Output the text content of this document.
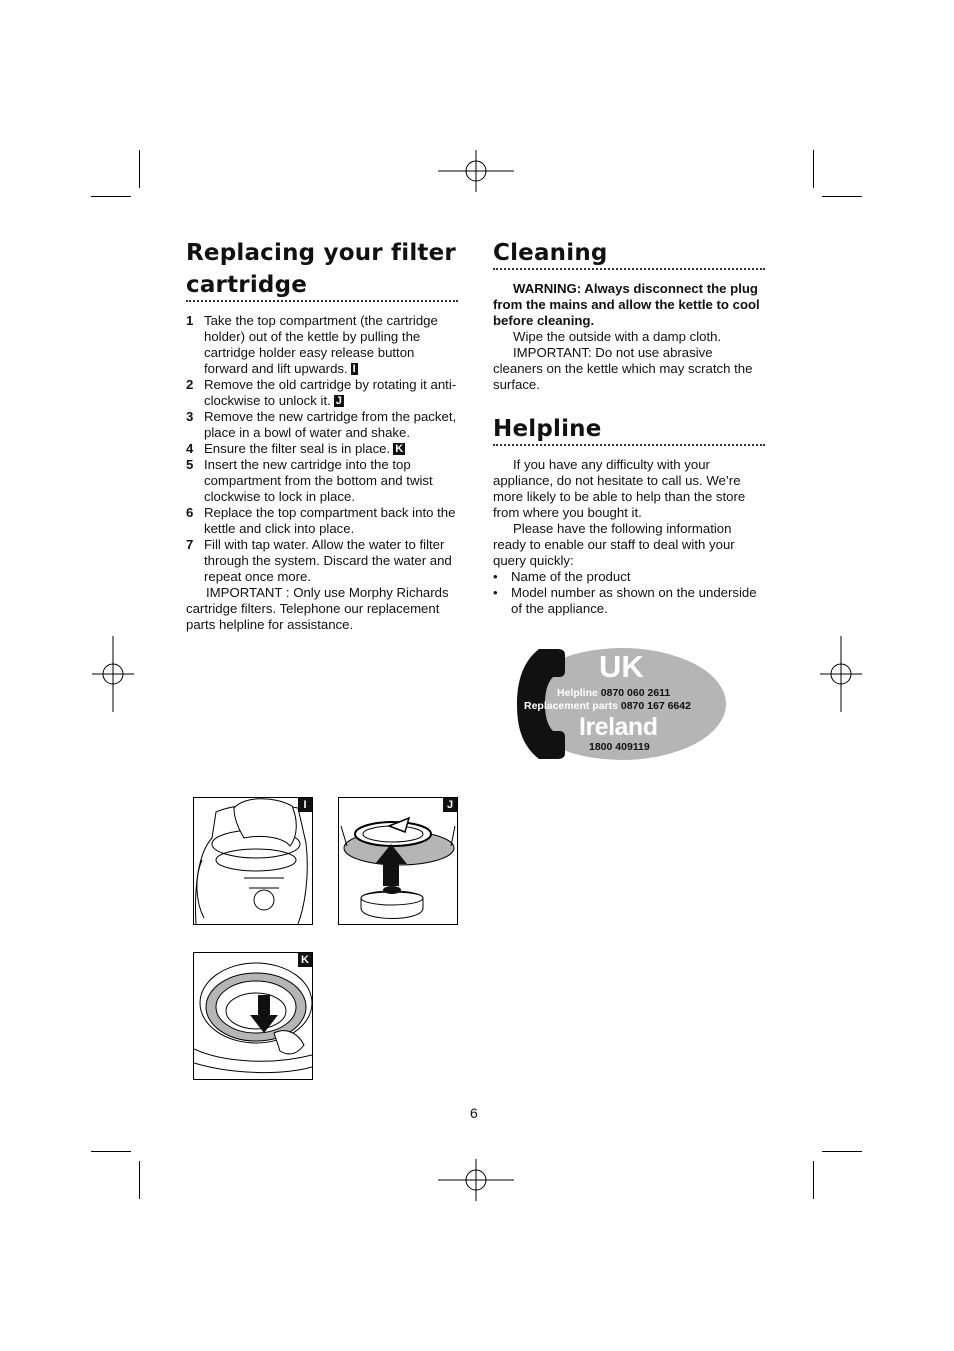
Replacing your filter cartridge
1 Take the top compartment (the cartridge holder) out of the kettle by pulling the cartridge holder easy release button forward and lift upwards. I
2 Remove the old cartridge by rotating it anti-clockwise to unlock it. J
3 Remove the new cartridge from the packet, place in a bowl of water and shake.
4 Ensure the filter seal is in place. K
5 Insert the new cartridge into the top compartment from the bottom and twist clockwise to lock in place.
6 Replace the top compartment back into the kettle and click into place.
7 Fill with tap water. Allow the water to filter through the system. Discard the water and repeat once more.
IMPORTANT : Only use Morphy Richards cartridge filters. Telephone our replacement parts helpline for assistance.
Cleaning
WARNING: Always disconnect the plug from the mains and allow the kettle to cool before cleaning.
Wipe the outside with a damp cloth.
IMPORTANT: Do not use abrasive cleaners on the kettle which may scratch the surface.
Helpline
If you have any difficulty with your appliance, do not hesitate to call us. We’re more likely to be able to help than the store from where you bought it.
Please have the following information ready to enable our staff to deal with your query quickly:
• Name of the product
• Model number as shown on the underside of the appliance.
UK
Helpline 0870 060 2611
Replacement parts 0870 167 6642
Ireland
1800 409119
I	J
K
6
